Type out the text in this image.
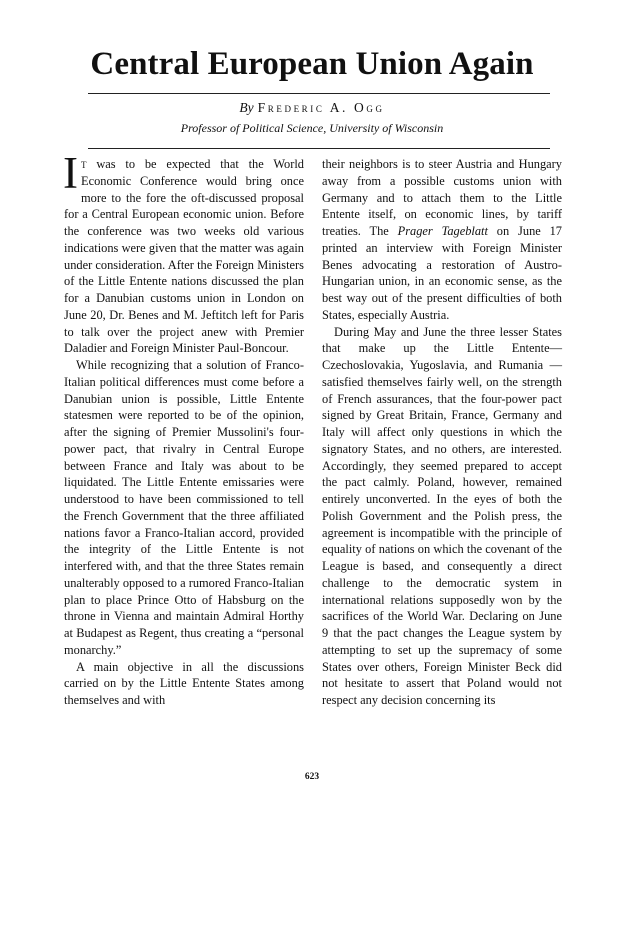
Central European Union Again
By Frederic A. Ogg
Professor of Political Science, University of Wisconsin

It was to be expected that the World Economic Conference would bring once more to the fore the oft-discussed proposal for a Central European economic union. Before the conference was two weeks old various indications were given that the matter was again under consideration. After the Foreign Ministers of the Little Entente nations discussed the plan for a Danubian customs union in London on June 20, Dr. Benes and M. Jeftitch left for Paris to talk over the project anew with Premier Daladier and Foreign Minister Paul-Boncour.

While recognizing that a solution of Franco-Italian political differences must come before a Danubian union is possible, Little Entente statesmen were reported to be of the opinion, after the signing of Premier Mussolini's four-power pact, that rivalry in Central Europe between France and Italy was about to be liquidated. The Little Entente emissaries were understood to have been commissioned to tell the French Government that the three affiliated nations favor a Franco-Italian accord, provided the integrity of the Little Entente is not interfered with, and that the three States remain unalterably opposed to a rumored Franco-Italian plan to place Prince Otto of Habsburg on the throne in Vienna and maintain Admiral Horthy at Budapest as Regent, thus creating a “personal monarchy.”

A main objective in all the discussions carried on by the Little Entente States among themselves and with

their neighbors is to steer Austria and Hungary away from a possible customs union with Germany and to attach them to the Little Entente itself, on economic lines, by tariff treaties. The Prager Tageblatt on June 17 printed an interview with Foreign Minister Benes advocating a restoration of Austro-Hungarian union, in an economic sense, as the best way out of the present difficulties of both States, especially Austria.

During May and June the three lesser States that make up the Little Entente—Czechoslovakia, Yugoslavia, and Rumania — satisfied themselves fairly well, on the strength of French assurances, that the four-power pact signed by Great Britain, France, Germany and Italy will affect only questions in which the signatory States, and no others, are interested. Accordingly, they seemed prepared to accept the pact calmly. Poland, however, remained entirely unconverted. In the eyes of both the Polish Government and the Polish press, the agreement is incompatible with the principle of equality of nations on which the covenant of the League is based, and consequently a direct challenge to the democratic system in international relations supposedly won by the sacrifices of the World War. Declaring on June 9 that the pact changes the League system by attempting to set up the supremacy of some States over others, Foreign Minister Beck did not hesitate to assert that Poland would not respect any decision concerning its

623
